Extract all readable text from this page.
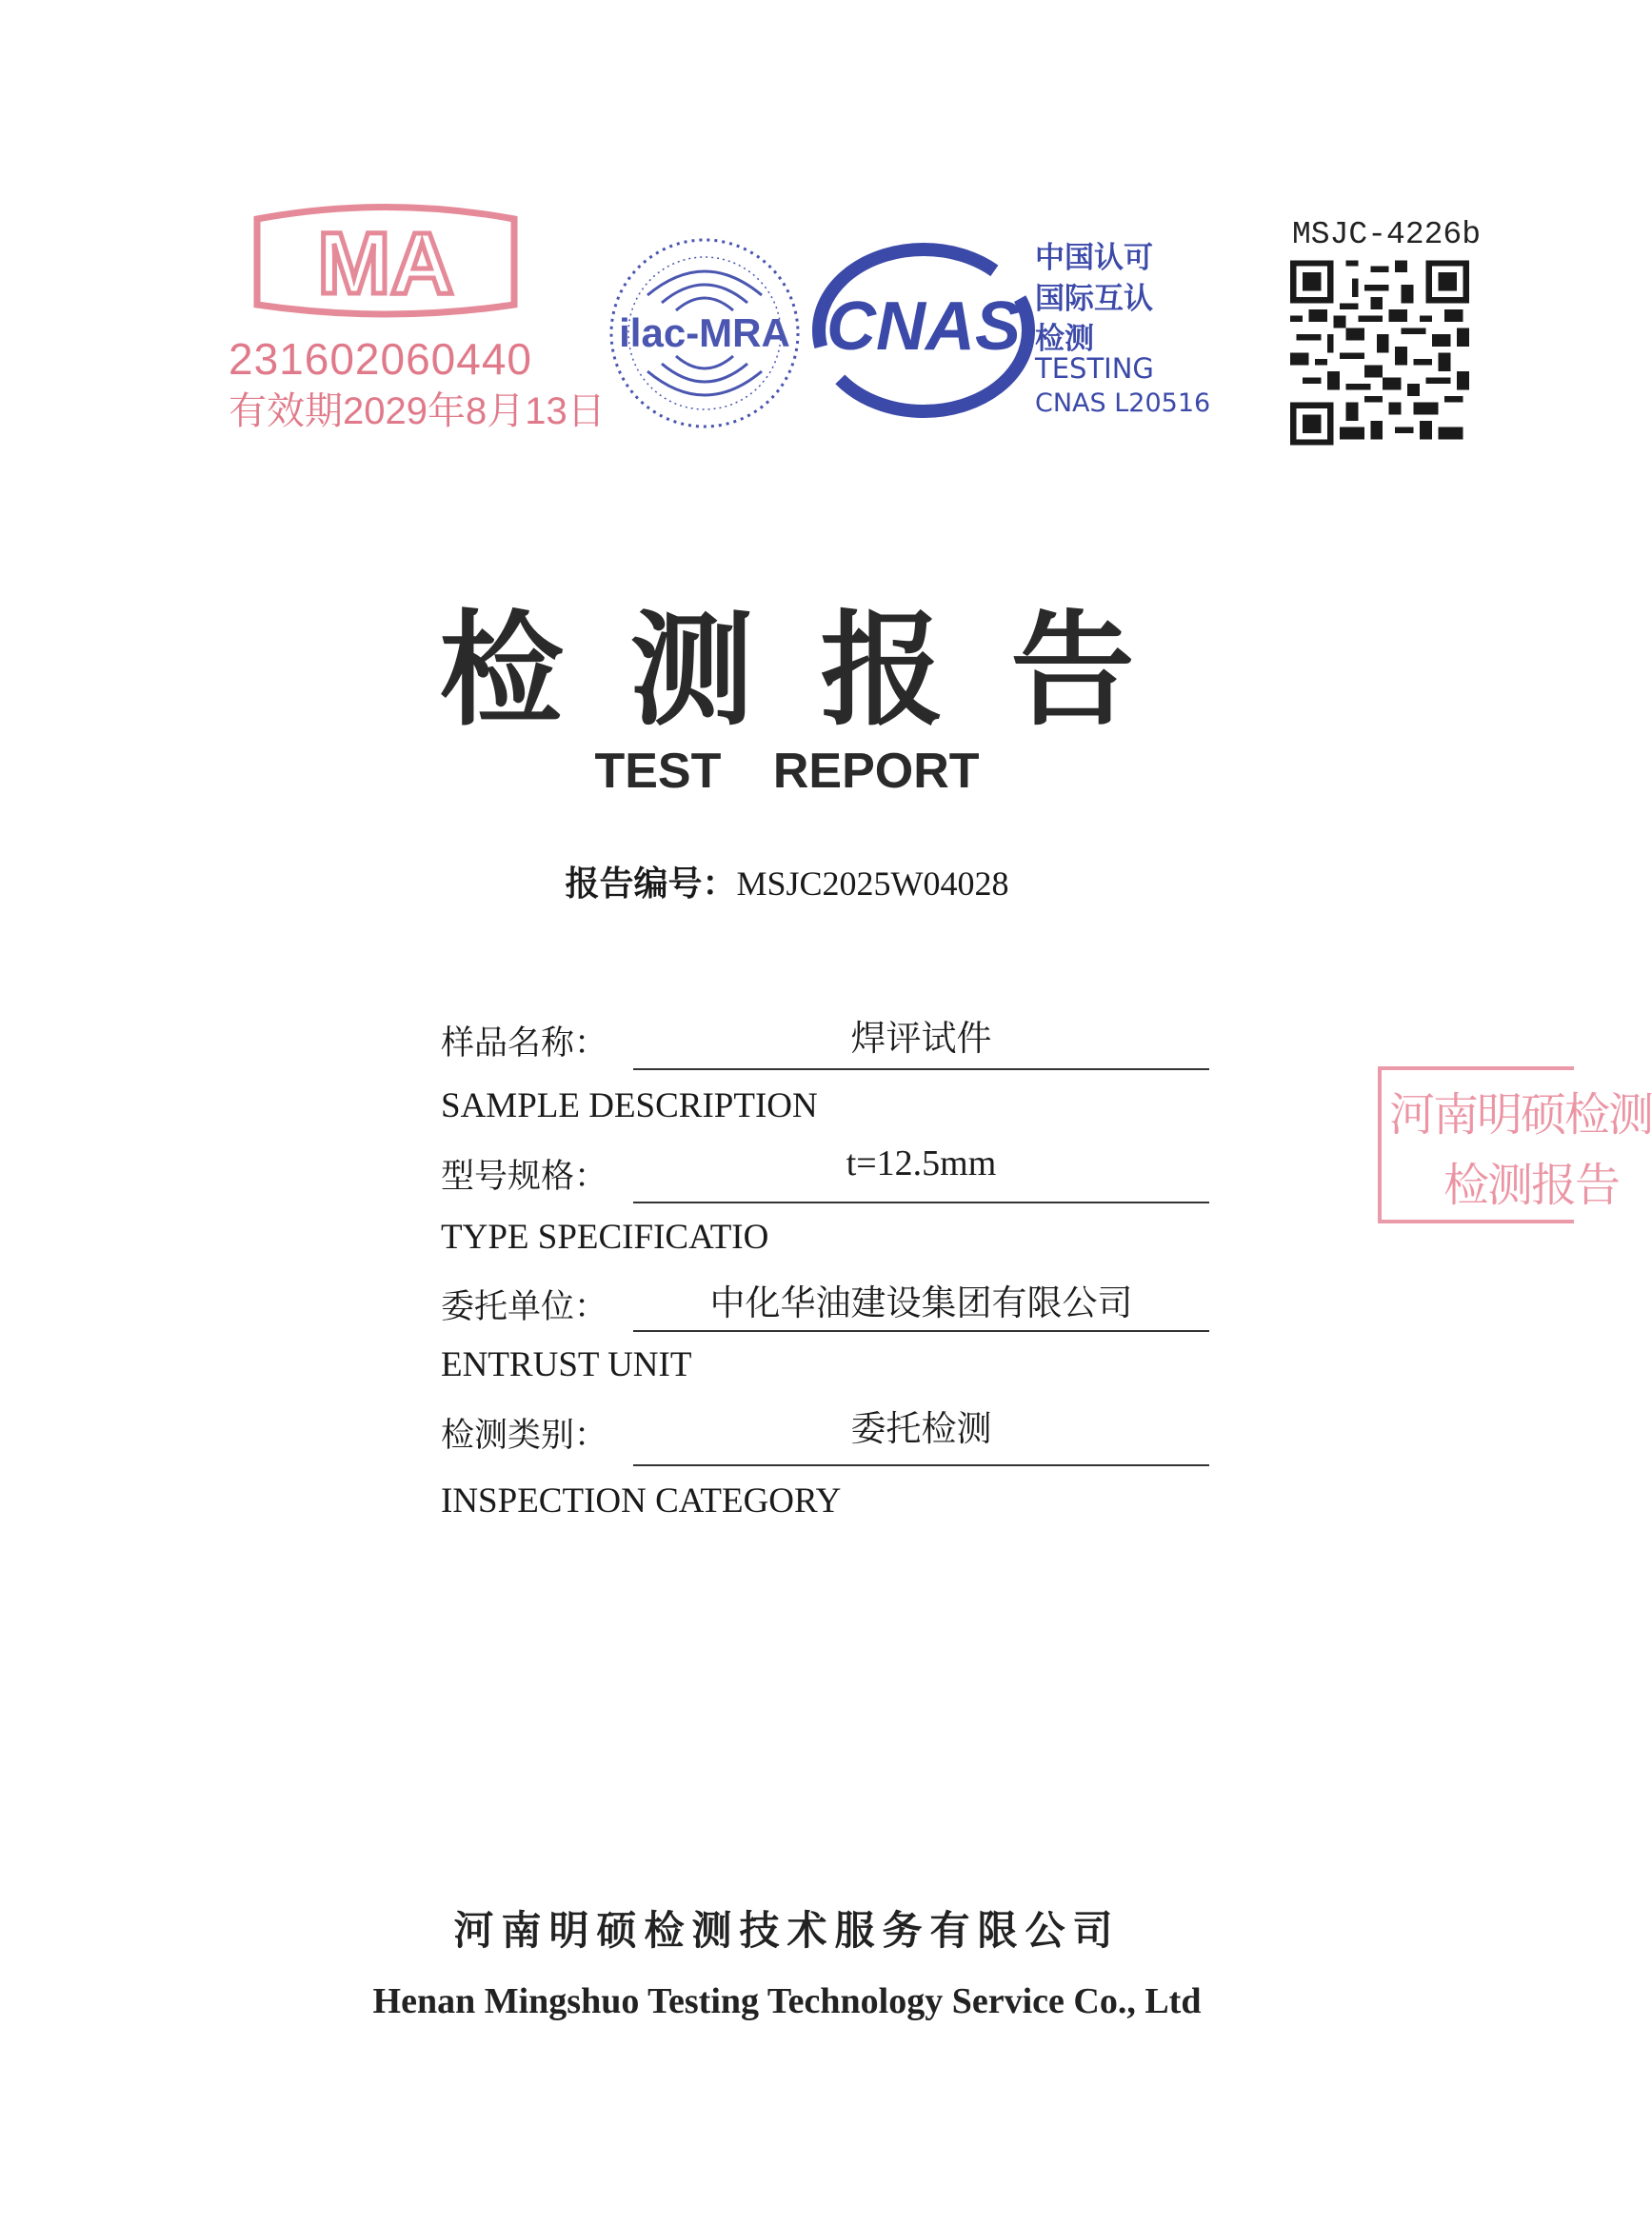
MA
231602060440
有效期2029年8月13日
ilac-MRA CNAS
中国认可
国际互认
检测
TESTING
CNAS L20516
MSJC-4226b
检测报告
TEST REPORT
报告编号：MSJC2025W04028
样品名称：	焊评试件
SAMPLE DESCRIPTION
型号规格：	t=12.5mm
TYPE SPECIFICATIO
委托单位：	中化华油建设集团有限公司
ENTRUST UNIT
检测类别：	委托检测
INSPECTION CATEGORY
河南明硕检测
检测报告
河南明硕检测技术服务有限公司
Henan Mingshuo Testing Technology Service Co., Ltd
